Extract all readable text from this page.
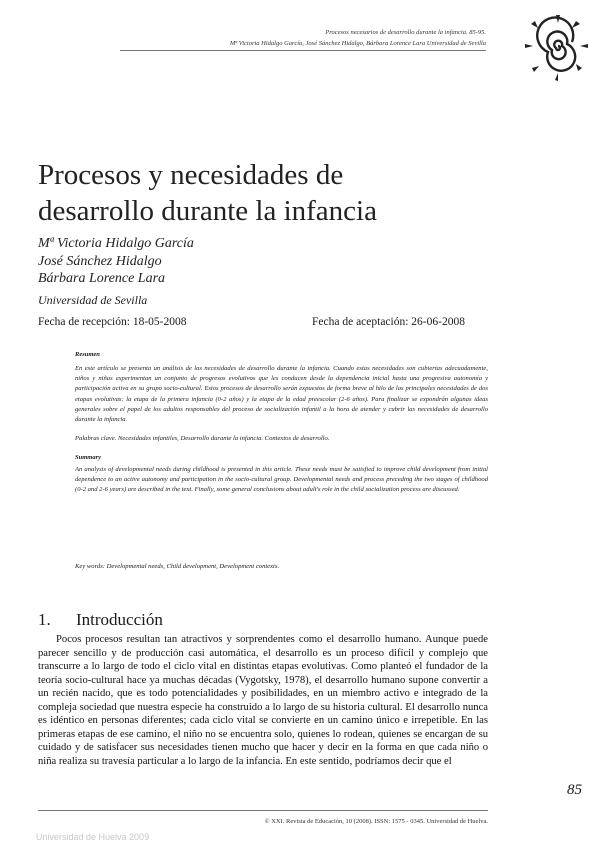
Procesos necesarios de desarrollo durante la infancia. 85-95.
Mª Victoria Hidalgo García, José Sánchez Hidalgo, Bárbara Lorence Lara Universidad de Sevilla
Procesos y necesidades de
desarrollo durante la infancia
Mª Victoria Hidalgo García
José Sánchez Hidalgo
Bárbara Lorence Lara
Universidad de Sevilla
Fecha de recepción: 18-05-2008	Fecha de aceptación: 26-06-2008
Resumen

En este artículo se presenta un análisis de las necesidades de desarrollo durante la infancia. Cuando estas necesidades son cubiertas adecuadamente, niños y niñas experimentan un conjunto de progresos evolutivos que les conducen desde la dependencia inicial hasta una progresiva autonomía y participación activa en su grupo socio-cultural. Estos procesos de desarrollo serán expuestos de forma breve al hilo de las principales necesidades de dos etapas evolutivas: la etapa de la primera infancia (0-2 años) y la etapa de la edad preescolar (2-6 años). Para finalizar se expondrán algunas ideas generales sobre el papel de los adultos responsables del proceso de socialización infantil a la hora de atender y cubrir las necesidades de desarrollo durante la infancia.

Palabras clave. Necesidades infantiles, Desarrollo durante la infancia. Contextos de desarrollo.

Summary

An analysis of developmental needs during childhood is presented in this article. These needs must be satisfied to improve child development from initial dependence to an active autonomy and participation in the socio-cultural group. Developmental needs and process preceding the two stages of childhood (0-2 and 2-6 years) are described in the text. Finally, some general conclusions about adult's role in the child socialization process are discussed.

Key words: Developmental needs, Child development, Development contexts.
1. Introducción

Pocos procesos resultan tan atractivos y sorprendentes como el desarrollo humano. Aunque puede parecer sencillo y de producción casi automática, el desarrollo es un proceso difícil y complejo que transcurre a lo largo de todo el ciclo vital en distintas etapas evolutivas. Como planteó el fundador de la teoría socio-cultural hace ya muchas décadas (Vygotsky, 1978), el desarrollo humano supone convertir a un recién nacido, que es todo potencialidades y posibilidades, en un miembro activo e integrado de la compleja sociedad que nuestra especie ha construido a lo largo de su historia cultural. El desarrollo nunca es idéntico en personas diferentes; cada ciclo vital se convierte en un camino único e irrepetible. En las primeras etapas de ese camino, el niño no se encuentra solo, quienes lo rodean, quienes se encargan de su cuidado y de satisfacer sus necesidades tienen mucho que hacer y decir en la forma en que cada niño o niña realiza su travesía particular a lo largo de la infancia. En este sentido, podríamos decir que el

85
© XXI. Revista de Educación, 10 (2008). ISSN: 1575 - 0345. Universidad de Huelva.
Universidad de Huelva 2009
